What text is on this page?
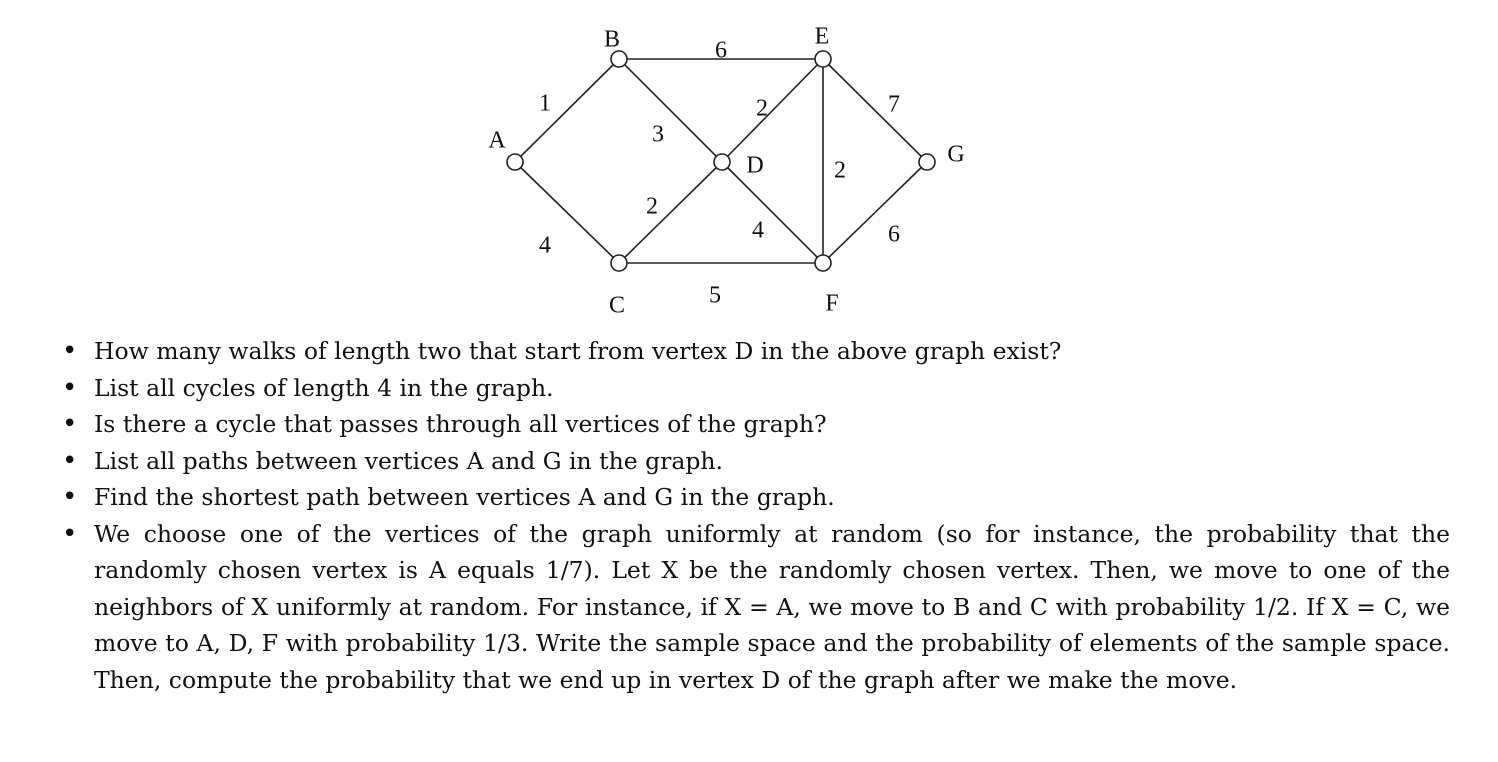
1
4
6
3
2
5
2
4
2
7
6
A
B
C
D
E
F
G
• How many walks of length two that start from vertex D in the above graph exist?
• List all cycles of length 4 in the graph.
• Is there a cycle that passes through all vertices of the graph?
• List all paths between vertices A and G in the graph.
• Find the shortest path between vertices A and G in the graph.
• We choose one of the vertices of the graph uniformly at random (so for instance, the probability that the randomly chosen vertex is A equals 1/7). Let X be the randomly chosen vertex. Then, we move to one of the neighbors of X uniformly at random. For instance, if X = A, we move to B and C with probability 1/2. If X = C, we move to A, D, F with probability 1/3. Write the sample space and the probability of elements of the sample space. Then, compute the probability that we end up in vertex D of the graph after we make the move.
